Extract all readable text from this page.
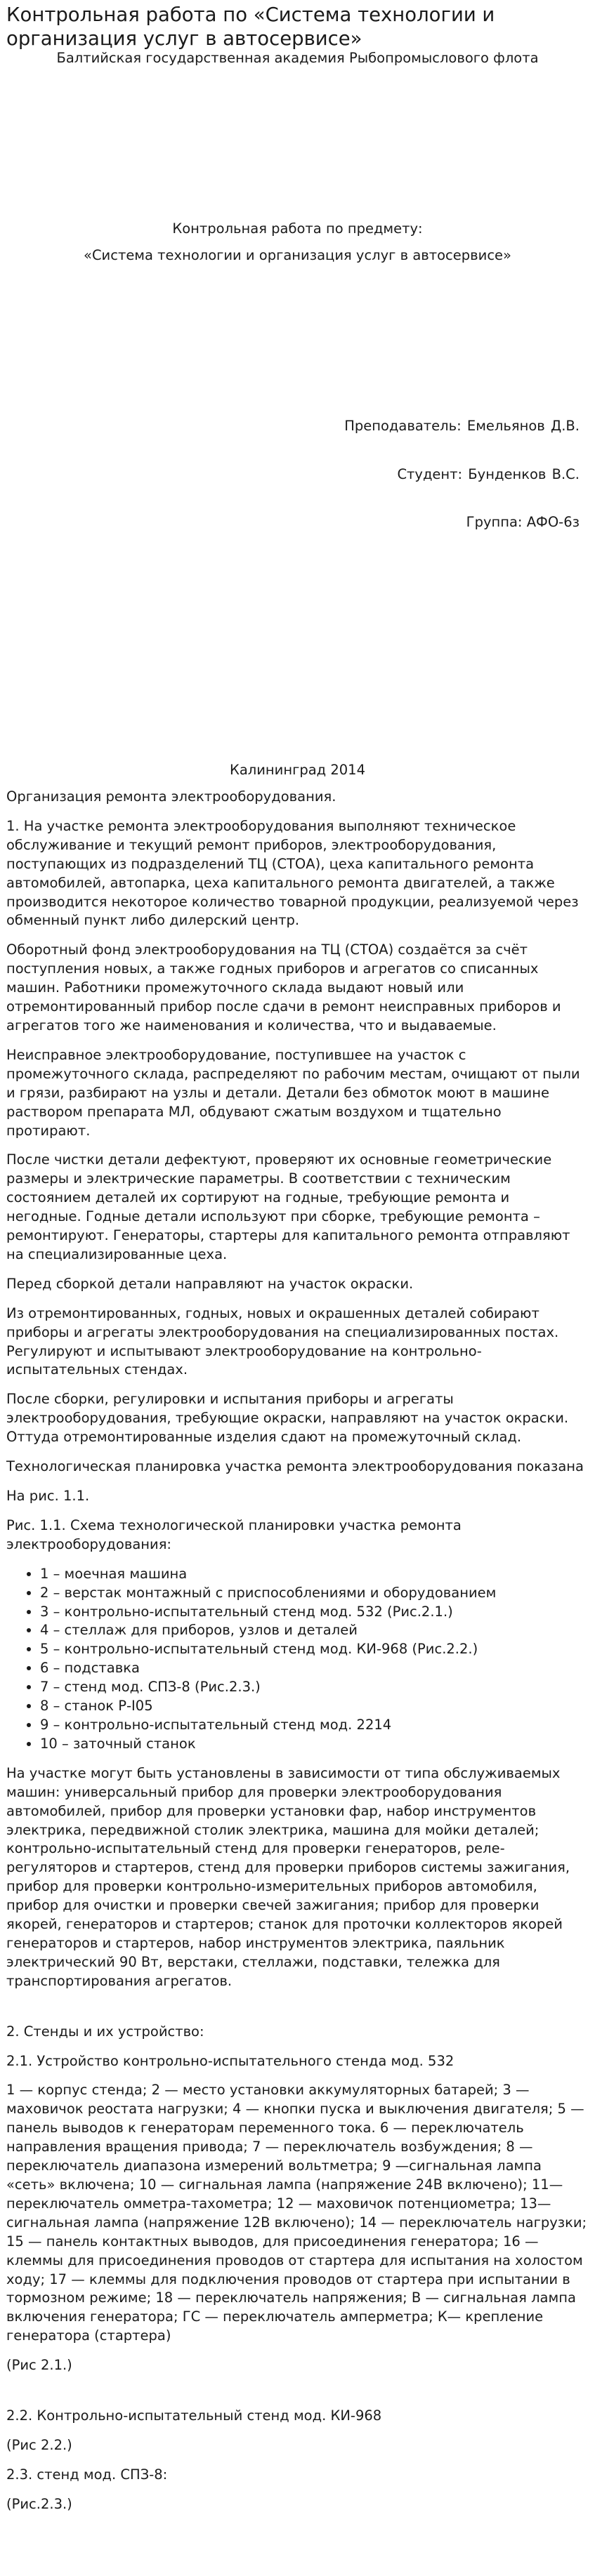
Контрольная работа по «Система технологии и организация услуг в автосервисе»

Балтийская государственная академия Рыбопромыслового флота

Контрольная работа по предмету:

«Система технологии и организация услуг в автосервисе»

Преподаватель: Емельянов Д.В.

Студент: Бунденков В.С.

Группа: АФО-6з

Калининград 2014

Организация ремонта электрооборудования.

1. На участке ремонта электрооборудования выполняют техническое обслуживание и текущий ремонт приборов, электрооборудования, поступающих из подразделений ТЦ (СТОА), цеха капитального ремонта автомобилей, автопарка, цеха капитального ремонта двигателей, а также производится некоторое количество товарной продукции, реализуемой через обменный пункт либо дилерский центр.

Оборотный фонд электрооборудования на ТЦ (СТОА) создаётся за счёт поступления новых, а также годных приборов и агрегатов со списанных машин. Работники промежуточного склада выдают новый или отремонтированный прибор после сдачи в ремонт неисправных приборов и агрегатов того же наименования и количества, что и выдаваемые.

Неисправное электрооборудование, поступившее на участок с промежуточного склада, распределяют по рабочим местам, очищают от пыли и грязи, разбирают на узлы и детали. Детали без обмоток моют в машине раствором препарата МЛ, обдувают сжатым воздухом и тщательно протирают.

После чистки детали дефектуют, проверяют их основные геометрические размеры и электрические параметры. В соответствии с техническим состоянием деталей их сортируют на годные, требующие ремонта и негодные. Годные детали используют при сборке, требующие ремонта – ремонтируют. Генераторы, стартеры для капитального ремонта отправляют на специализированные цеха.

Перед сборкой детали направляют на участок окраски.

Из отремонтированных, годных, новых и окрашенных деталей собирают приборы и агрегаты электрооборудования на специализированных постах. Регулируют и испытывают электрооборудование на контрольно-испытательных стендах.

После сборки, регулировки и испытания приборы и агрегаты электрооборудования, требующие окраски, направляют на участок окраски. Оттуда отремонтированные изделия сдают на промежуточный склад.

Технологическая планировка участка ремонта электрооборудования показана

На рис. 1.1.

Рис. 1.1. Схема технологической планировки участка ремонта электрооборудования:

• 1 – моечная машина
• 2 – верстак монтажный с приспособлениями и оборудованием
• 3 – контрольно-испытательный стенд мод. 532 (Рис.2.1.)
• 4 – стеллаж для приборов, узлов и деталей
• 5 – контрольно-испытательный стенд мод. КИ-968 (Рис.2.2.)
• 6 – подставка
• 7 – стенд мод. СПЗ-8 (Рис.2.3.)
• 8 – станок Р-I05
• 9 – контрольно-испытательный стенд мод. 2214
• 10 – заточный станок

На участке могут быть установлены в зависимости от типа обслуживаемых машин: универсальный прибор для проверки электрооборудования автомобилей, прибор для проверки установки фар, набор инструментов электрика, передвижной столик электрика, машина для мойки деталей; контрольно-испытательный стенд для проверки генераторов, реле-регуляторов и стартеров, стенд для проверки приборов системы зажигания, прибор для проверки контрольно-измерительных приборов автомобиля, прибор для очистки и проверки свечей зажигания; прибор для проверки якорей, генераторов и стартеров; станок для проточки коллекторов якорей генераторов и стартеров, набор инструментов электрика, паяльник электрический 90 Вт, верстаки, стеллажи, подставки, тележка для транспортирования агрегатов.

2. Стенды и их устройство:

2.1. Устройство контрольно-испытательного стенда мод. 532

1 — корпус стенда; 2 — место установки аккумуляторных батарей; 3 — маховичок реостата нагрузки; 4 — кнопки пуска и выключения двигателя; 5 — панель выводов к генераторам переменного тока. 6 — переключатель направления вращения привода; 7 — переключатель возбуждения; 8 — переключатель диапазона измерений вольтметра; 9 —сигнальная лампа «сеть» включена; 10 — сигнальная лампа (напряжение 24В включено); 11— переключатель омметра-тахометра; 12 — маховичок потенциометра; 13— сигнальная лампа (напряжение 12В включено); 14 — переключатель нагрузки; 15 — панель контактных выводов, для присоединения генератора; 16 — клеммы для присоединения проводов от стартера для испытания на холостом ходу; 17 — клеммы для подключения проводов от стартера при испытании в тормозном режиме; 18 — переключатель напряжения; В — сигнальная лампа включения генератора; ГС — переключатель амперметра; К— крепление генератора (стартера)

(Рис 2.1.)

2.2. Контрольно-испытательный стенд мод. КИ-968

(Рис 2.2.)

2.3. стенд мод. СПЗ-8:

(Рис.2.3.)
